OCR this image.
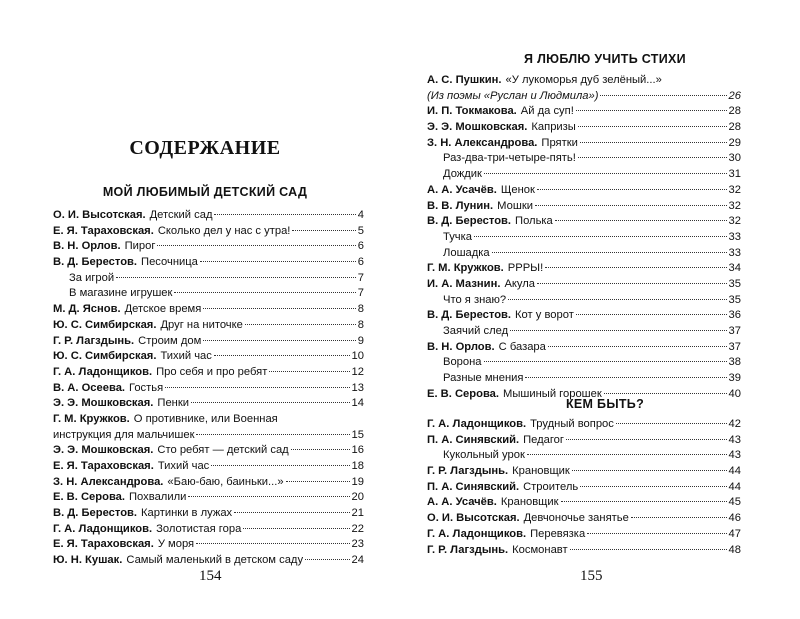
СОДЕРЖАНИЕ
МОЙ ЛЮБИМЫЙ ДЕТСКИЙ САД
О. И. Высотская. Детский сад	4
Е. Я. Тараховская. Сколько дел у нас с утра!	5
В. Н. Орлов. Пирог	6
В. Д. Берестов. Песочница	6
За игрой	7
В магазине игрушек	7
М. Д. Яснов. Детское время	8
Ю. С. Симбирская. Друг на ниточке	8
Г. Р. Лагздынь. Строим дом	9
Ю. С. Симбирская. Тихий час	10
Г. А. Ладонщиков. Про себя и про ребят	12
В. А. Осеева. Гостья	13
Э. Э. Мошковская. Пенки	14
Г. М. Кружков. О противнике, или Военная
инструкция для мальчишек	15
Э. Э. Мошковская. Сто ребят — детский сад	16
Е. Я. Тараховская. Тихий час	18
З. Н. Александрова. «Баю-баю, баиньки...»	19
Е. В. Серова. Похвалили	20
В. Д. Берестов. Картинки в лужах	21
Г. А. Ладонщиков. Золотистая гора	22
Е. Я. Тараховская. У моря	23
Ю. Н. Кушак. Самый маленький в детском саду	24
154
Я ЛЮБЛЮ УЧИТЬ СТИХИ
А. С. Пушкин. «У лукоморья дуб зелёный...»
(Из поэмы «Руслан и Людмила»)	26
И. П. Токмакова. Ай да суп!	28
Э. Э. Мошковская. Капризы	28
З. Н. Александрова. Прятки	29
Раз-два-три-четыре-пять!	30
Дождик	31
А. А. Усачёв. Щенок	32
В. В. Лунин. Мошки	32
В. Д. Берестов. Полька	32
Тучка	33
Лошадка	33
Г. М. Кружков. РРРЫ!	34
И. А. Мазнин. Акула	35
Что я знаю?	35
В. Д. Берестов. Кот у ворот	36
Заячий след	37
В. Н. Орлов. С базара	37
Ворона	38
Разные мнения	39
Е. В. Серова. Мышиный горошек	40
КЕМ БЫТЬ?
Г. А. Ладонщиков. Трудный вопрос	42
П. А. Синявский. Педагог	43
Кукольный урок	43
Г. Р. Лагздынь. Крановщик	44
П. А. Синявский. Строитель	44
А. А. Усачёв. Крановщик	45
О. И. Высотская. Девчоночье занятье	46
Г. А. Ладонщиков. Перевязка	47
Г. Р. Лагздынь. Космонавт	48
155
